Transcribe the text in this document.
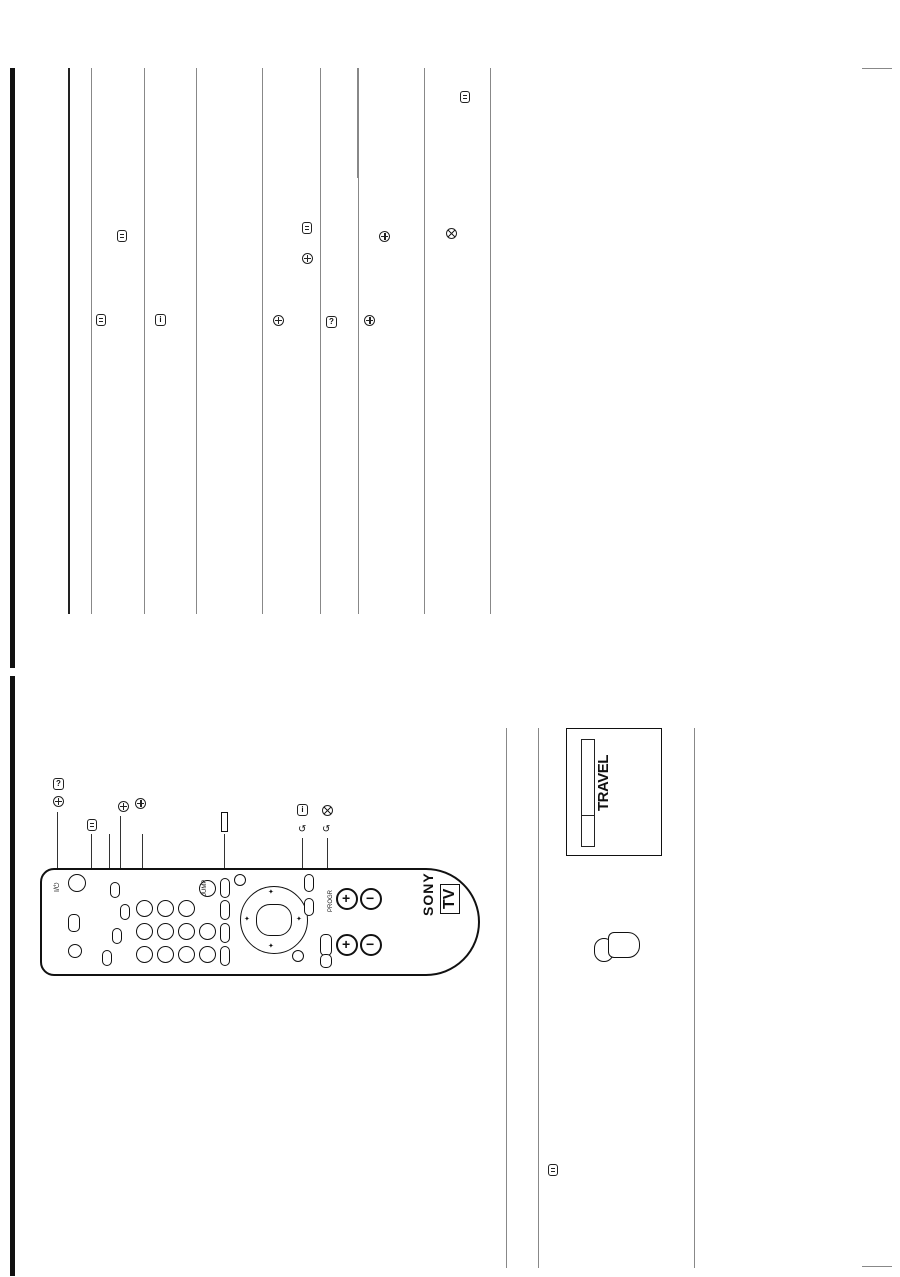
i	?
?
i
↺ ↺
I/⏻	JUMP	✦
✦
✦	✦
+
+
−
−
PROGR	SONY TV
TRAVEL
